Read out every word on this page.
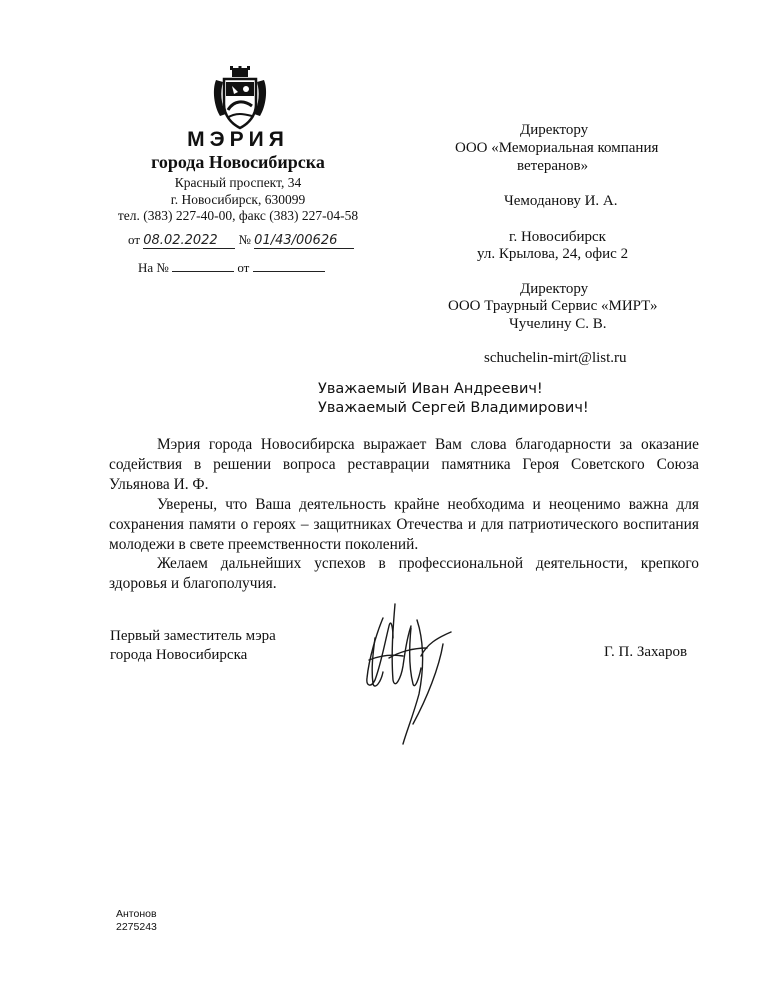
МЭРИЯ
города Новосибирска
Красный проспект, 34
г. Новосибирск, 630099
тел. (383) 227-40-00, факс (383) 227-04-58
от 08.02.2022 № 01/43/00626
На №	от
Директору
ООО «Мемориальная компания
ветеранов»
Чемоданову И. А.
г. Новосибирск
ул. Крылова, 24, офис 2
Директору
ООО Траурный Сервис «МИРТ»
Чучелину С. В.
schuchelin-mirt@list.ru
Уважаемый Иван Андреевич!
Уважаемый Сергей Владимирович!
Мэрия города Новосибирска выражает Вам слова благодарности за оказание содействия в решении вопроса реставрации памятника Героя Советского Союза Ульянова И. Ф.
Уверены, что Ваша деятельность крайне необходима и неоценимо важна для сохранения памяти о героях – защитниках Отечества и для патриотического воспитания молодежи в свете преемственности поколений.
Желаем дальнейших успехов в профессиональной деятельности, крепкого здоровья и благополучия.
Первый заместитель мэра
города Новосибирска	Г. П. Захаров
Антонов
2275243
